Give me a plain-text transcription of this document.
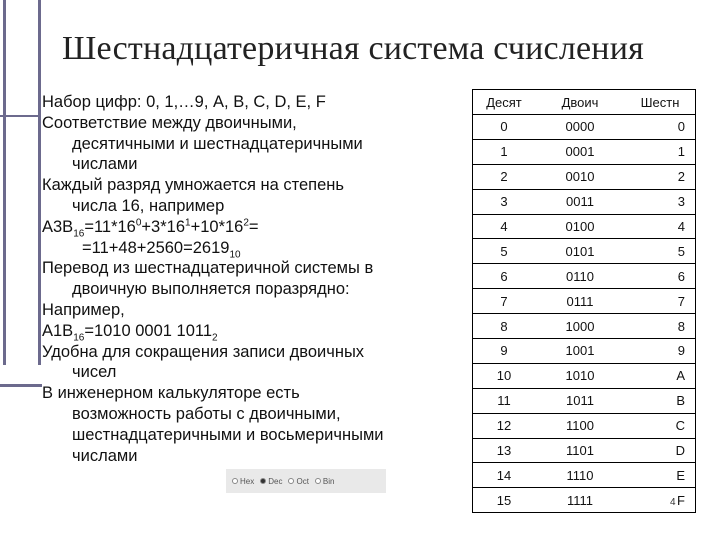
Шестнадцатеричная система счисления
Набор цифр: 0, 1,…9, A, B, C, D, E, F
Соответствие между двоичными,
десятичными и шестнадцатеричными
числами
Каждый разряд умножается на степень
числа 16, например
$A3B_{16}=11*16^0+3*16^1+10*16^2=$
$=11+48+2560=2619_{10}$
Перевод из шестнадцатеричной системы в
двоичную выполняется поразрядно:
Например,
$A1B_{16}=1010$ 0001 $1011_2$
Удобна для сокращения записи двоичных
чисел
В инженерном калькуляторе есть
возможность работы с двоичными,
шестнадцатеричными и восьмеричными
числами
Hex Dec Oct Bin
Десят	Двоич	Шестн
0	0000	0
1	0001	1
2	0010	2
3	0011	3
4	0100	4
5	0101	5
6	0110	6
7	0111	7
8	1000	8
9	1001	9
10	1010	A
11	1011	B
12	1100	C
13	1101	D
14	1110	E
15	1111	F
4
